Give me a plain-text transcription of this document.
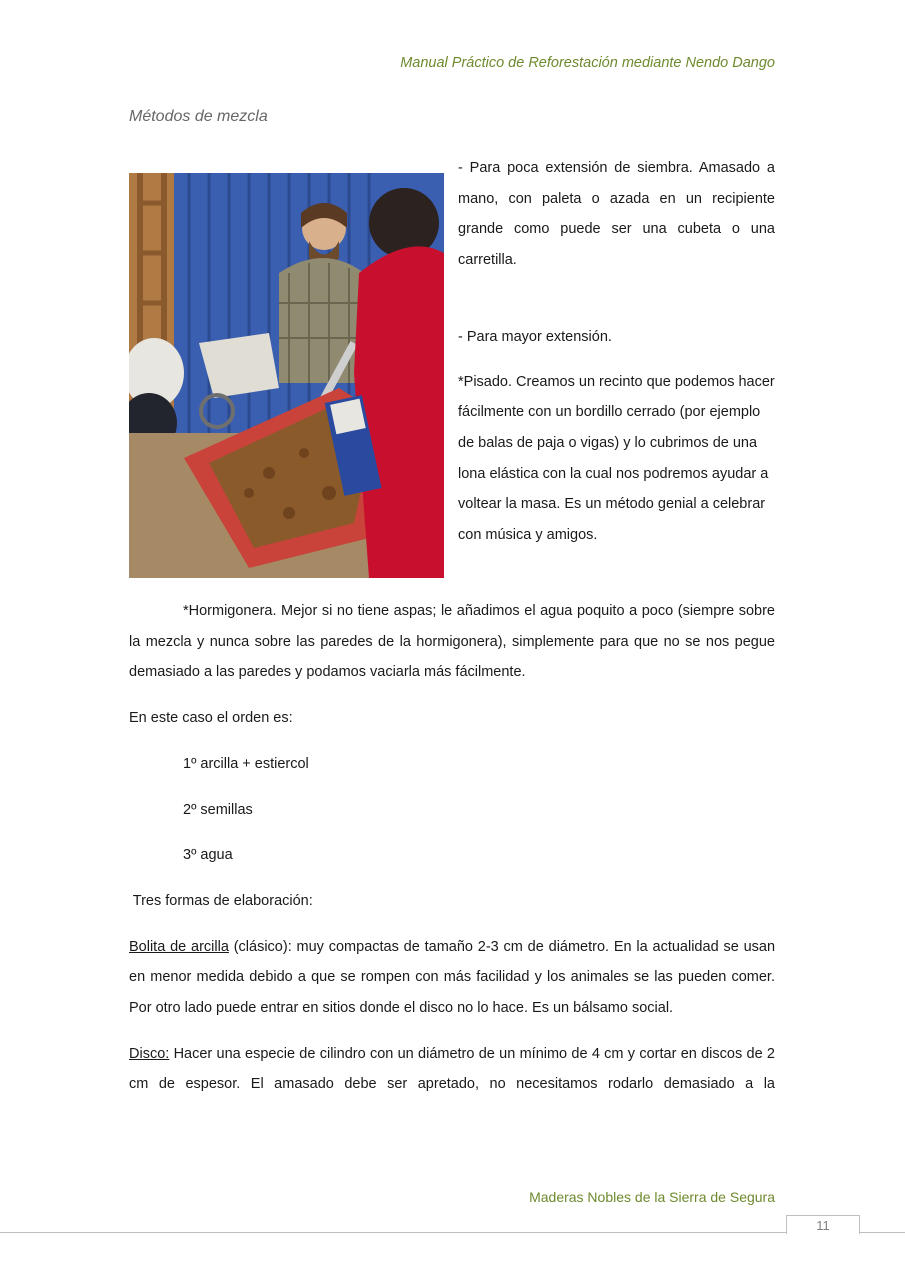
Manual Práctico de Reforestación mediante Nendo Dango
Métodos de mezcla

- Para poca extensión de siembra. Amasado a mano, con paleta o azada en un recipiente grande como puede ser una cubeta o una carretilla.

- Para mayor extensión.

*Pisado. Creamos un recinto que podemos hacer fácilmente con un bordillo cerrado (por ejemplo de balas de paja o vigas) y lo cubrimos de una lona elástica con la cual nos podremos ayudar a voltear la masa. Es un método genial a celebrar con música y amigos.

*Hormigonera. Mejor si no tiene aspas; le añadimos el agua poquito a poco (siempre sobre la mezcla y nunca sobre las paredes de la hormigonera), simplemente para que no se nos pegue demasiado a las paredes y podamos vaciarla más fácilmente.

En este caso el orden es:

1º arcilla + estiercol

2º semillas

3º agua

Tres formas de elaboración:

Bolita de arcilla (clásico): muy compactas de tamaño 2-3 cm de diámetro. En la actualidad se usan en menor medida debido a que se rompen con más facilidad y los animales se las pueden comer. Por otro lado puede entrar en sitios donde el disco no lo hace. Es un bálsamo social.

Disco: Hacer una especie de cilindro con un diámetro de un mínimo de 4 cm y cortar en discos de 2 cm de espesor. El amasado debe ser apretado, no necesitamos rodarlo demasiado a la

Maderas Nobles de la Sierra de Segura
11
